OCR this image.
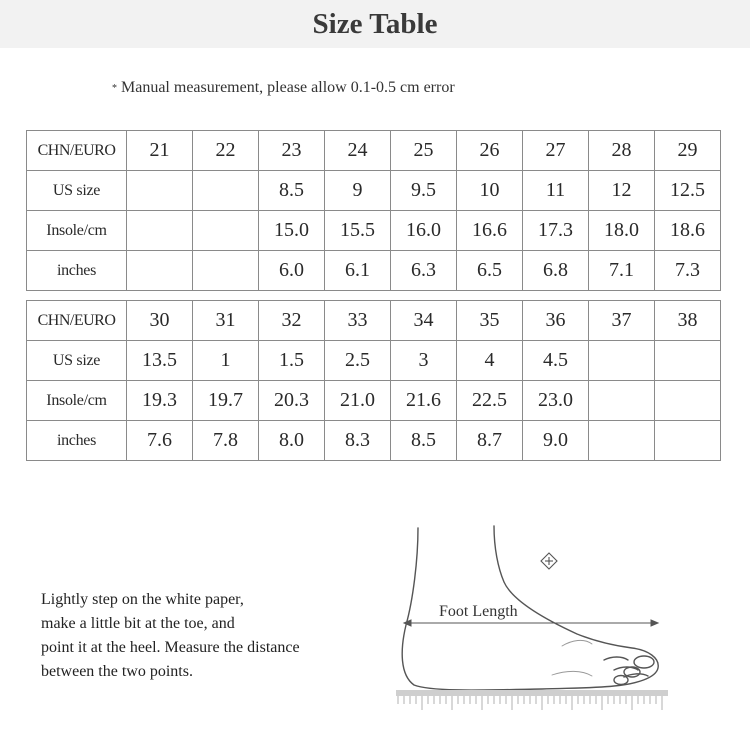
Size Table
* Manual measurement, please allow 0.1-0.5 cm error
CHN/EURO	21	22	23	24	25	26	27	28	29
US size			8.5	9	9.5	10	11	12	12.5
Insole/cm			15.0	15.5	16.0	16.6	17.3	18.0	18.6
inches			6.0	6.1	6.3	6.5	6.8	7.1	7.3
CHN/EURO	30	31	32	33	34	35	36	37	38
US size	13.5	1	1.5	2.5	3	4	4.5		
Insole/cm	19.3	19.7	20.3	21.0	21.6	22.5	23.0		
inches	7.6	7.8	8.0	8.3	8.5	8.7	9.0		
Lightly step on the white paper,
make a little bit at the toe, and
point it at the heel. Measure the distance
between the two points.
Foot Length
